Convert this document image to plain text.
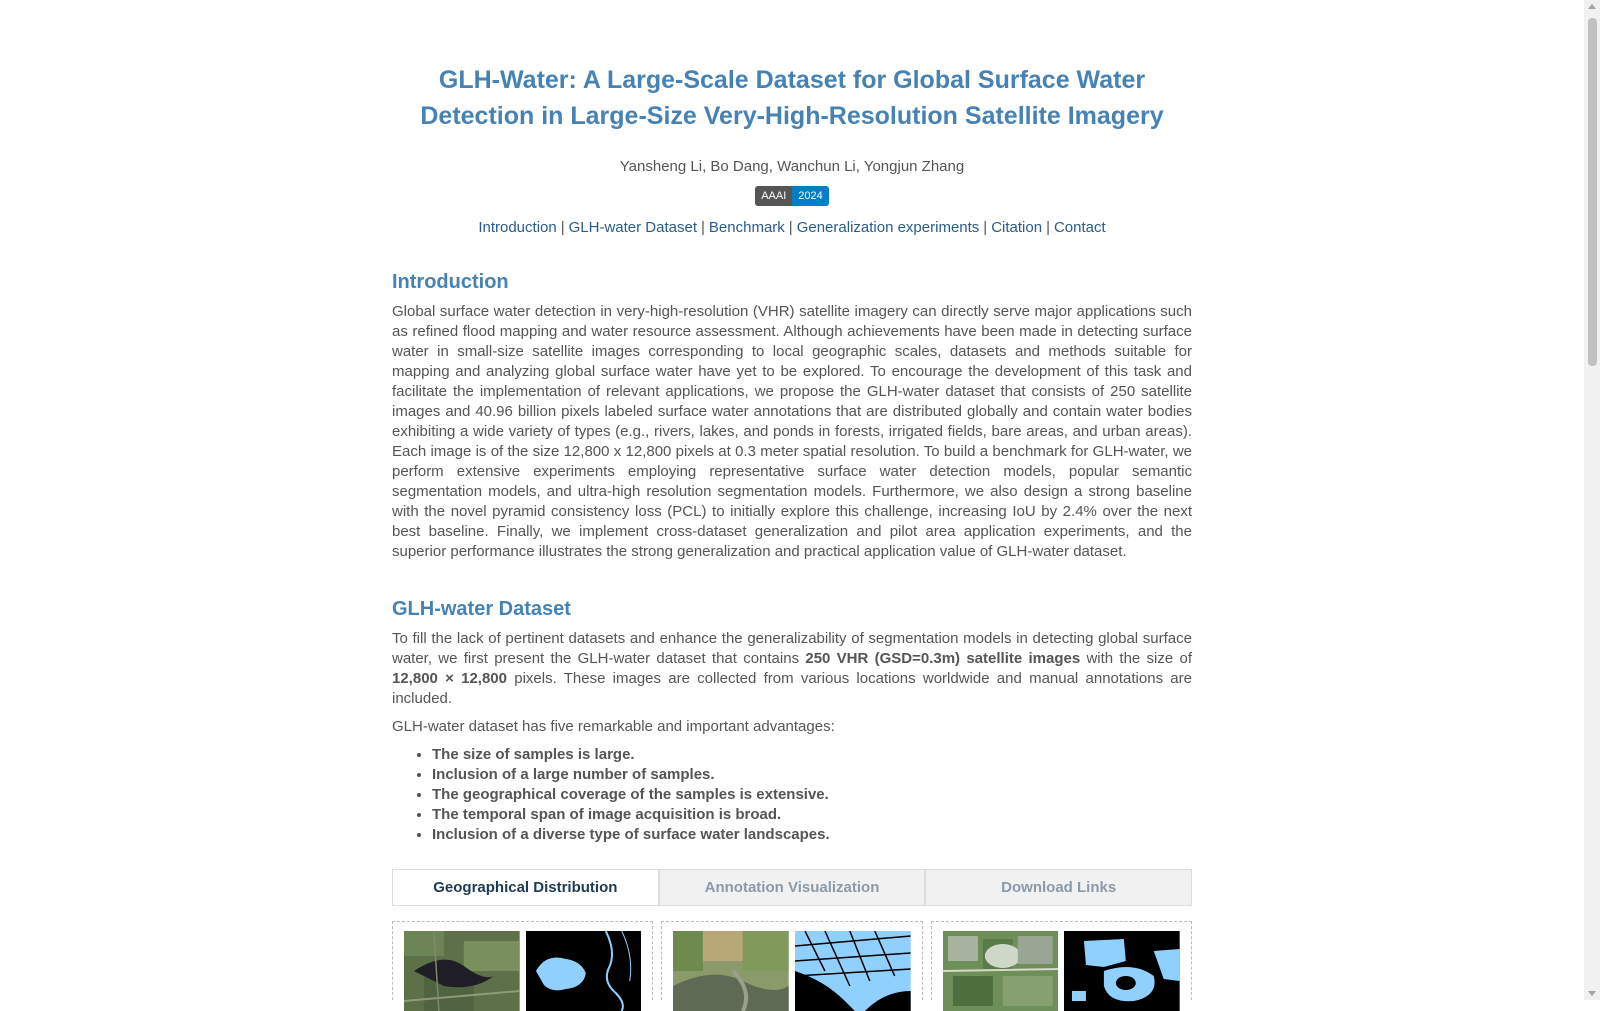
GLH-Water: A Large-Scale Dataset for Global Surface Water
Detection in Large-Size Very-High-Resolution Satellite Imagery
Yansheng Li, Bo Dang, Wanchun Li, Yongjun Zhang
AAAI 2024
Introduction | GLH-water Dataset | Benchmark | Generalization experiments | Citation | Contact
Introduction

Global surface water detection in very-high-resolution (VHR) satellite imagery can directly serve major applications such as refined flood mapping and water resource assessment. Although achievements have been made in detecting surface water in small-size satellite images corresponding to local geographic scales, datasets and methods suitable for mapping and analyzing global surface water have yet to be explored. To encourage the development of this task and facilitate the implementation of relevant applications, we propose the GLH-water dataset that consists of 250 satellite images and 40.96 billion pixels labeled surface water annotations that are distributed globally and contain water bodies exhibiting a wide variety of types (e.g., rivers, lakes, and ponds in forests, irrigated fields, bare areas, and urban areas). Each image is of the size 12,800 x 12,800 pixels at 0.3 meter spatial resolution. To build a benchmark for GLH-water, we perform extensive experiments employing representative surface water detection models, popular semantic segmentation models, and ultra-high resolution segmentation models. Furthermore, we also design a strong baseline with the novel pyramid consistency loss (PCL) to initially explore this challenge, increasing IoU by 2.4% over the next best baseline. Finally, we implement cross-dataset generalization and pilot area application experiments, and the superior performance illustrates the strong generalization and practical application value of GLH-water dataset.

GLH-water Dataset

To fill the lack of pertinent datasets and enhance the generalizability of segmentation models in detecting global surface water, we first present the GLH-water dataset that contains 250 VHR (GSD=0.3m) satellite images with the size of 12,800 × 12,800 pixels. These images are collected from various locations worldwide and manual annotations are included.

GLH-water dataset has five remarkable and important advantages:

• The size of samples is large.
• Inclusion of a large number of samples.
• The geographical coverage of the samples is extensive.
• The temporal span of image acquisition is broad.
• Inclusion of a diverse type of surface water landscapes.
Geographical Distribution	Annotation Visualization	Download Links
